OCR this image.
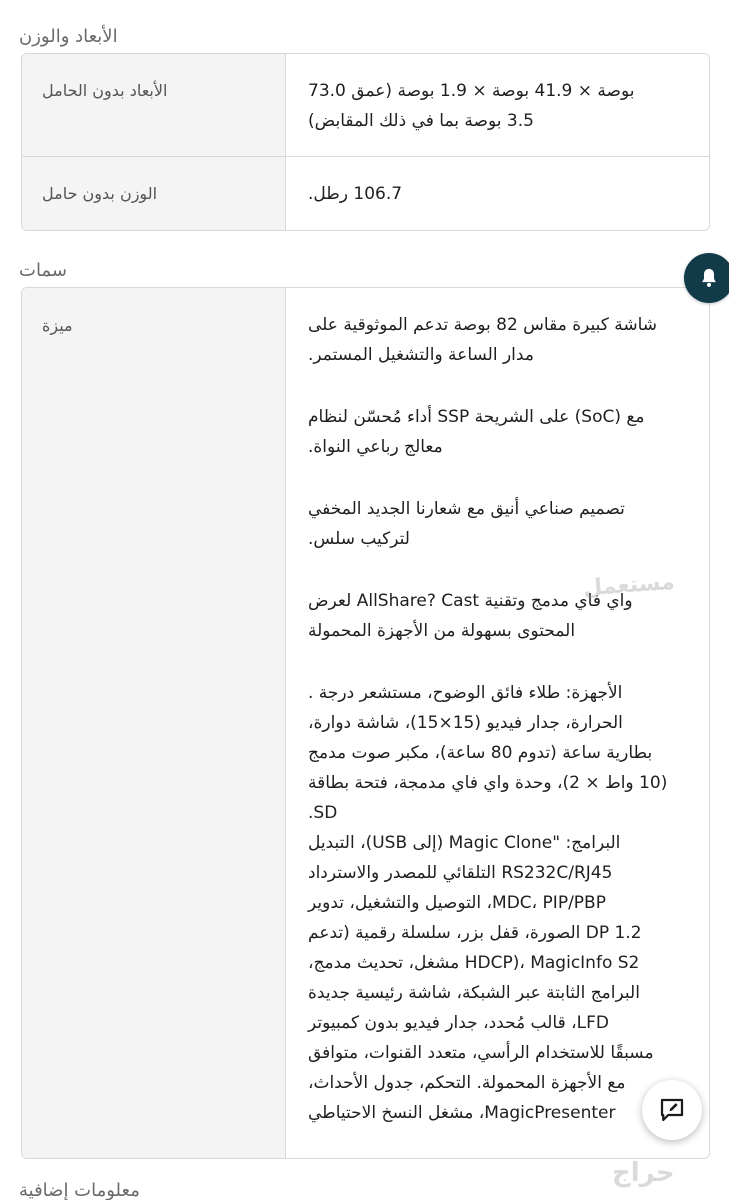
الأبعاد والوزن
الأبعاد بدون الحامل	بوصة × 41.9 بوصة × 1.9 بوصة (عمق 73.0
3.5 بوصة بما في ذلك المقابض)
الوزن بدون حامل	106.7 رطل.
سمات
ميزة	شاشة كبيرة مقاس 82 بوصة تدعم الموثوقية على
مدار الساعة والتشغيل المستمر.
مع (SoC) على الشريحة SSP أداء مُحسّن لنظام
معالج رباعي النواة.
تصميم صناعي أنيق مع شعارنا الجديد المخفي
لتركيب سلس.
واي فاي مدمج وتقنية AllShare? Cast لعرض
المحتوى بسهولة من الأجهزة المحمولة
الأجهزة: طلاء فائق الوضوح، مستشعر درجة .
الحرارة، جدار فيديو (15×15)، شاشة دوارة،
بطارية ساعة (تدوم 80 ساعة)، مكبر صوت مدمج
(10 واط × 2)، وحدة واي فاي مدمجة، فتحة بطاقة
SD.
البرامج: "Magic Clone (إلى USB)، التبديل
RS232C/RJ45 التلقائي للمصدر والاسترداد
MDC، PIP/PBP، التوصيل والتشغيل، تدوير
DP 1.2 الصورة، قفل بزر، سلسلة رقمية (تدعم
HDCP)، MagicInfo S2 مشغل، تحديث مدمج،
البرامج الثابتة عبر الشبكة، شاشة رئيسية جديدة
LFD، قالب مُحدد، جدار فيديو بدون كمبيوتر
مسبقًا للاستخدام الرأسي، متعدد القنوات، متوافق
مع الأجهزة المحمولة. التحكم، جدول الأحداث،
MagicPresenter، مشغل النسخ الاحتياطي
معلومات إضافية
مستعمل
حراج
